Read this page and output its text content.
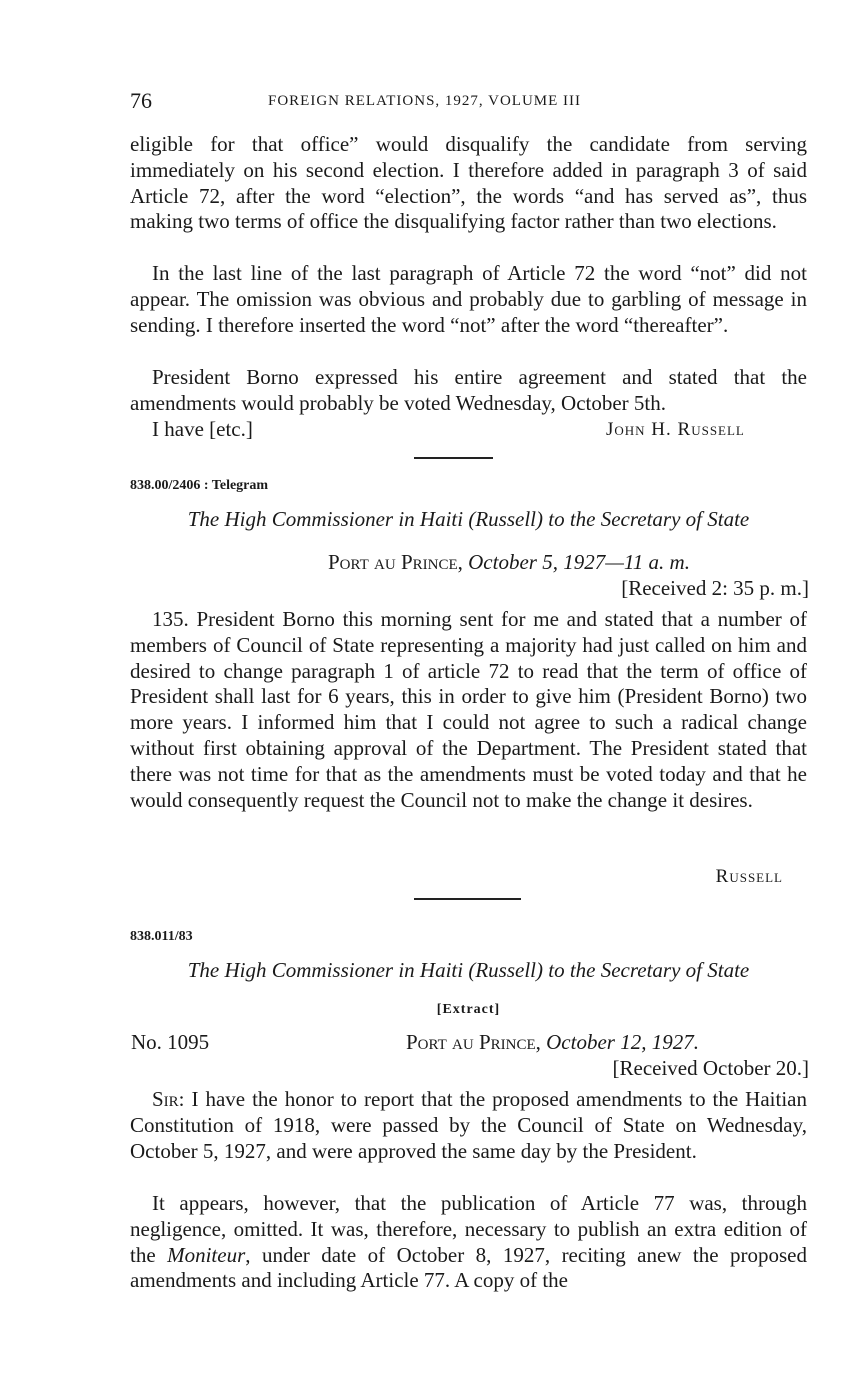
76	FOREIGN RELATIONS, 1927, VOLUME III
eligible for that office” would disqualify the candidate from serving immediately on his second election. I therefore added in paragraph 3 of said Article 72, after the word “election”, the words “and has served as”, thus making two terms of office the disqualifying factor rather than two elections.
In the last line of the last paragraph of Article 72 the word “not” did not appear. The omission was obvious and probably due to garbling of message in sending. I therefore inserted the word “not” after the word “thereafter”.
President Borno expressed his entire agreement and stated that the amendments would probably be voted Wednesday, October 5th.
I have [etc.]	John H. Russell
838.00/2406 : Telegram
The High Commissioner in Haiti (Russell) to the Secretary of State
Port au Prince, October 5, 1927—11 a. m.
[Received 2: 35 p. m.]
135. President Borno this morning sent for me and stated that a number of members of Council of State representing a majority had just called on him and desired to change paragraph 1 of article 72 to read that the term of office of President shall last for 6 years, this in order to give him (President Borno) two more years. I informed him that I could not agree to such a radical change without first obtaining approval of the Department. The President stated that there was not time for that as the amendments must be voted today and that he would consequently request the Council not to make the change it desires.
Russell
838.011/83
The High Commissioner in Haiti (Russell) to the Secretary of State
[Extract]
No. 1095	Port au Prince, October 12, 1927.
[Received October 20.]
Sir: I have the honor to report that the proposed amendments to the Haitian Constitution of 1918, were passed by the Council of State on Wednesday, October 5, 1927, and were approved the same day by the President.
It appears, however, that the publication of Article 77 was, through negligence, omitted. It was, therefore, necessary to publish an extra edition of the Moniteur, under date of October 8, 1927, reciting anew the proposed amendments and including Article 77. A copy of the
